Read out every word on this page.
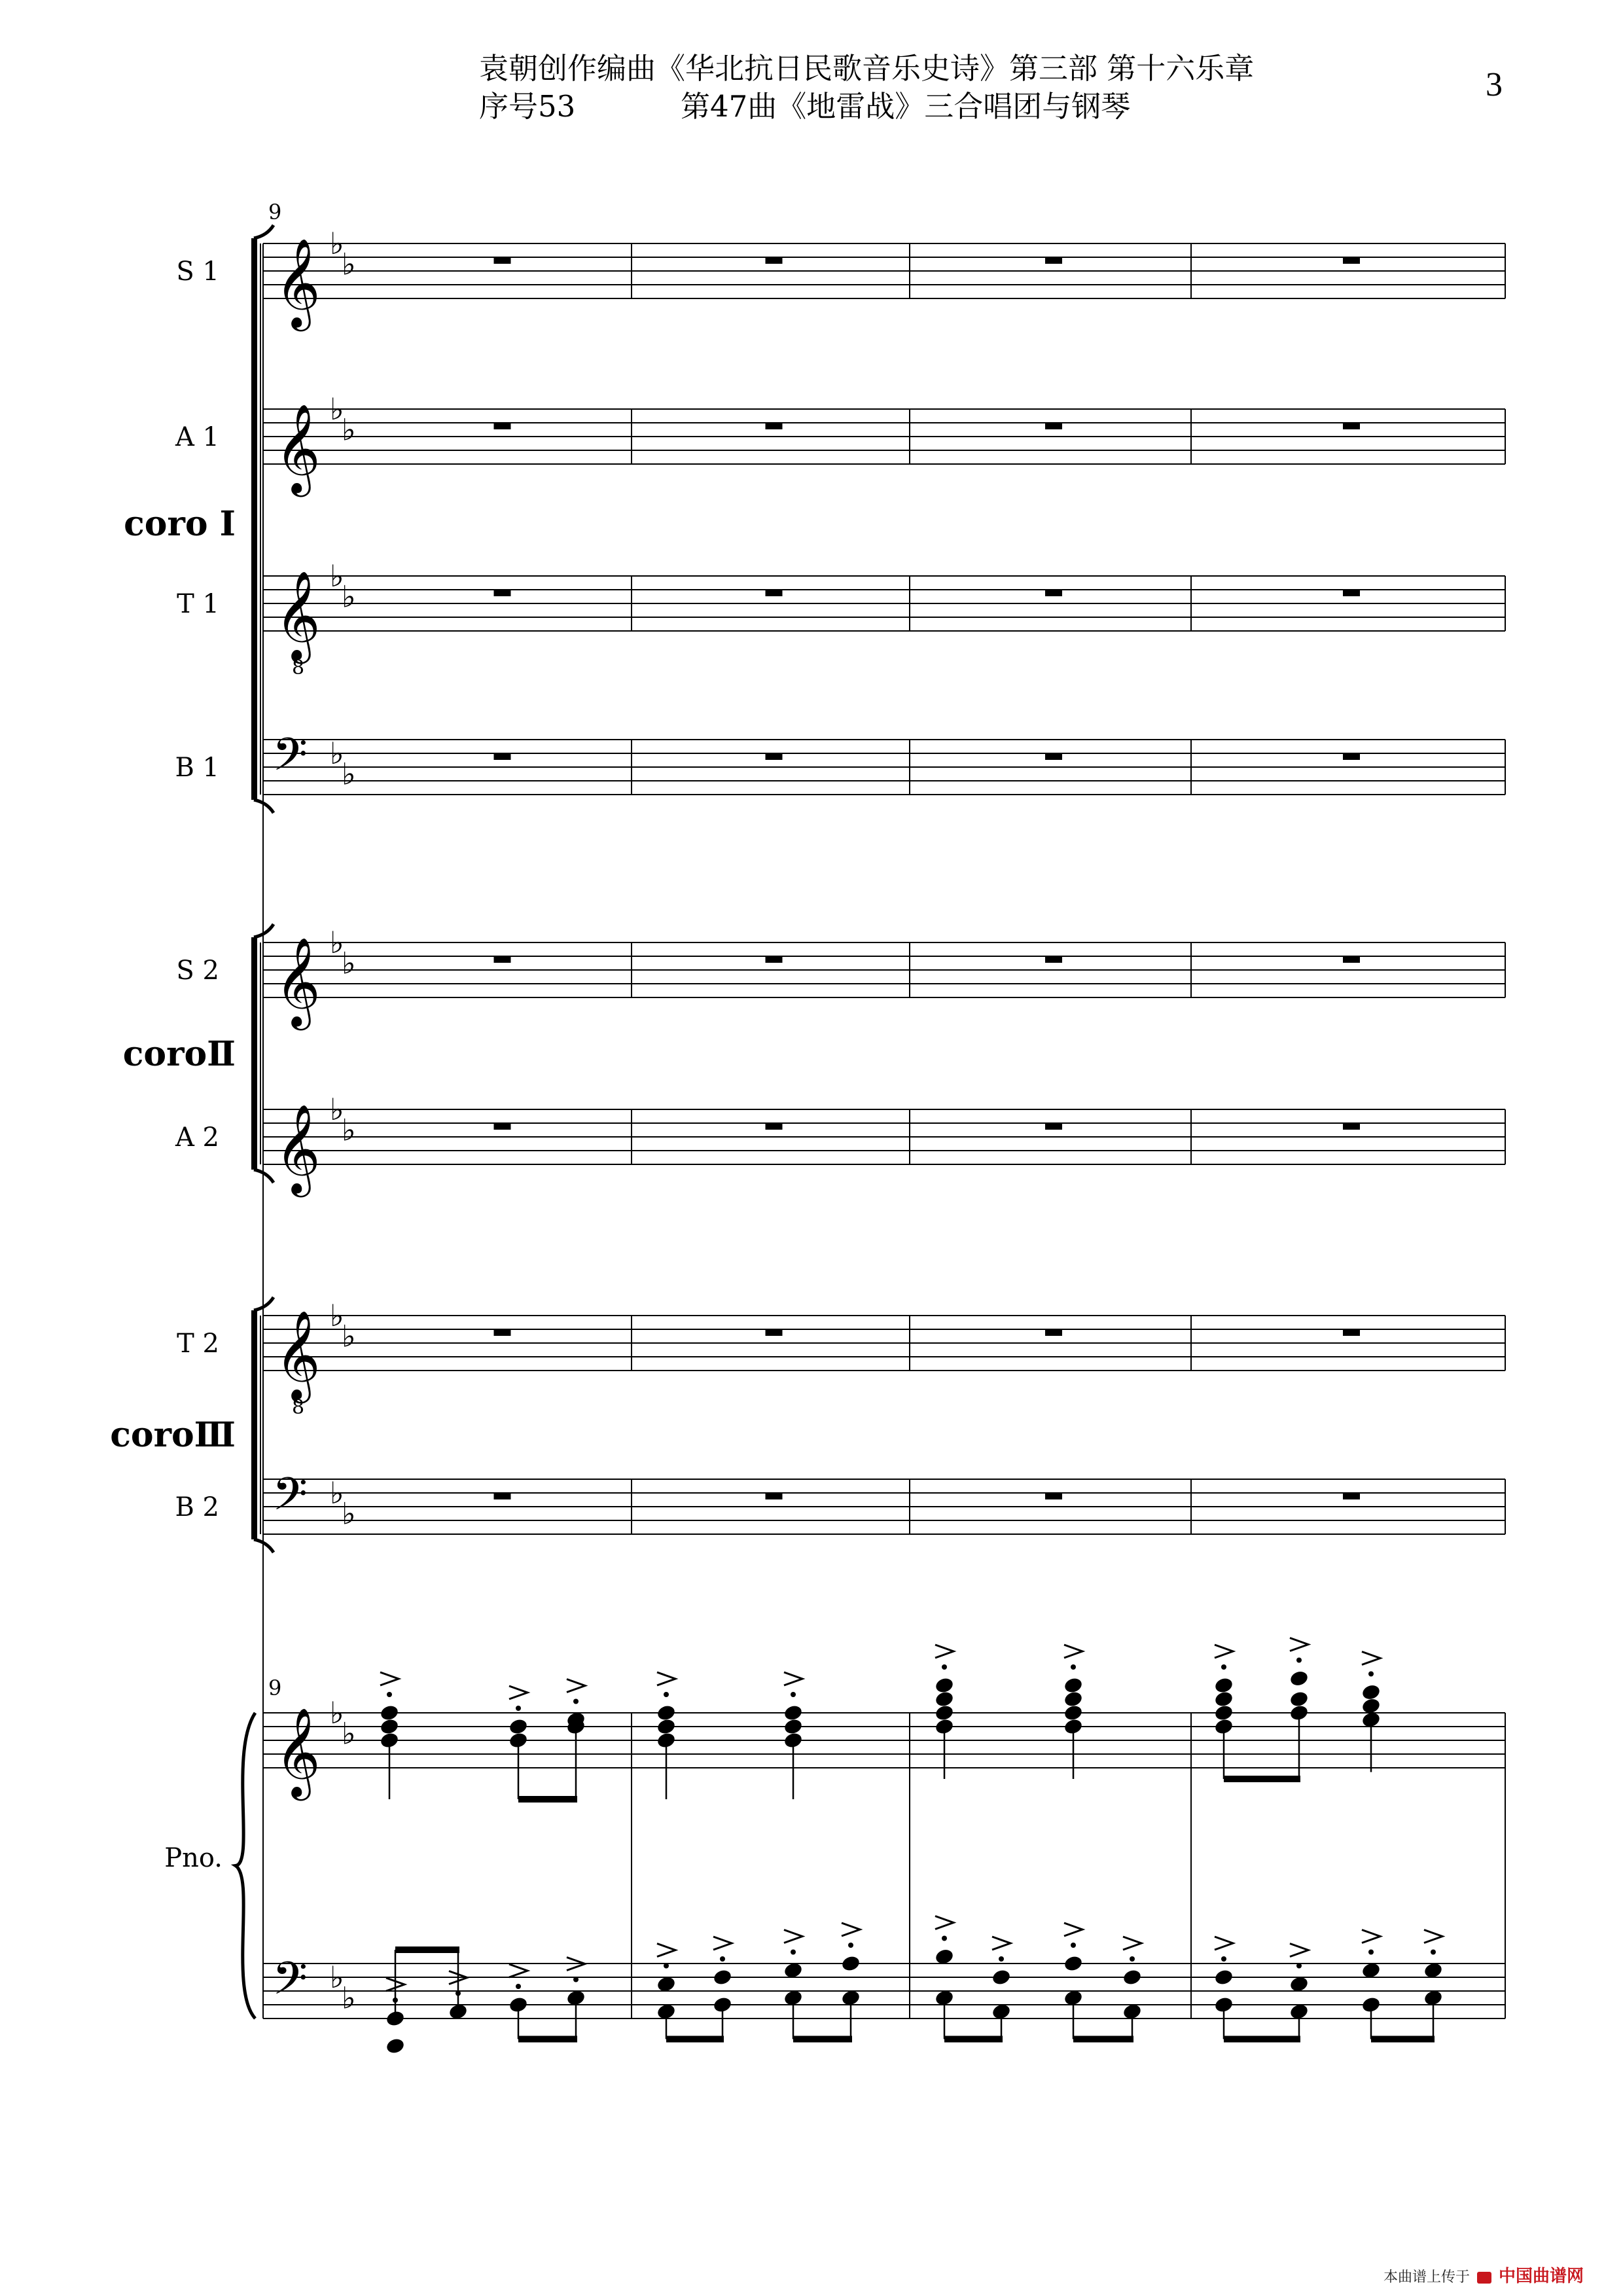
袁朝创作编曲《华北抗日民歌音乐史诗》第三部 第十六乐章
序号53	第47曲《地雷战》三合唱团与钢琴
3
𝄞 ♭
♭
S 1
𝄞 ♭
♭
A 1
𝄞
8
♭
♭
T 1
𝄢 ♭
♭
B 1
𝄞 ♭
♭
S 2
𝄞 ♭
♭
A 2
𝄞
8
♭
♭
T 2
𝄢 ♭
♭
B 2
9
9
coro Ⅰ
coroⅡ
coroⅢ
𝄞
𝄢
♭
♭
♭
♭
Pno.
本曲谱上传于 中国曲谱网
